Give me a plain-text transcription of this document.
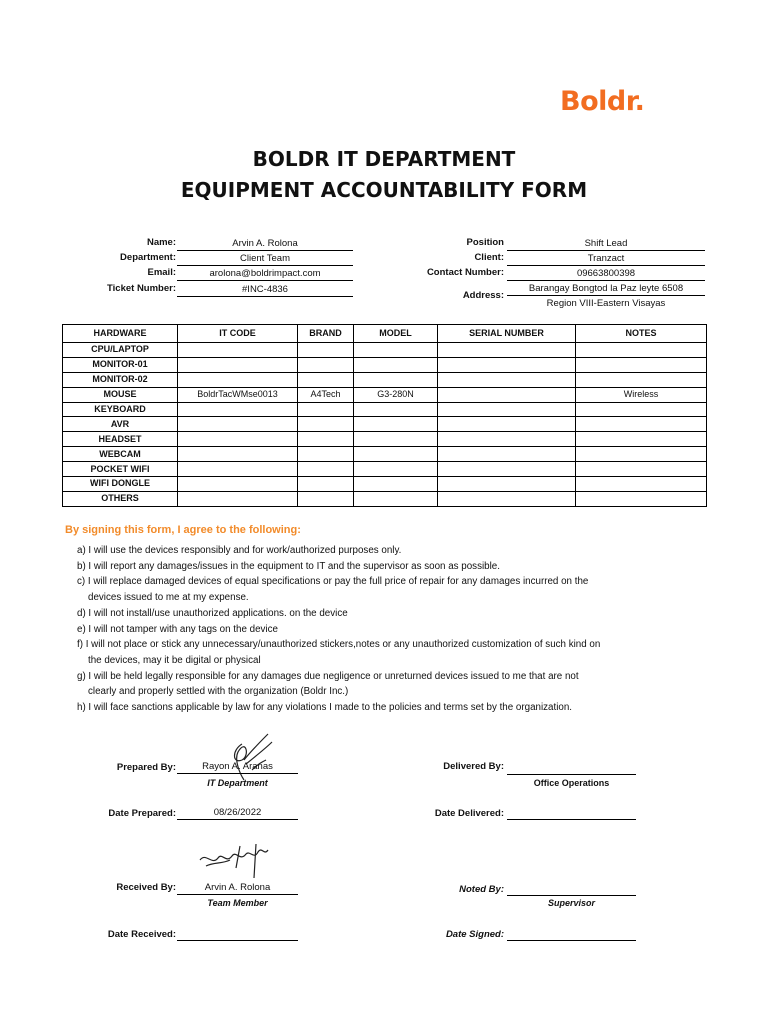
Boldr.
BOLDR IT DEPARTMENT
EQUIPMENT ACCOUNTABILITY FORM
Name:	Arvin A. Rolona
Department:	Client Team
Email:	arolona@boldrimpact.com
Ticket Number:	#INC-4836
Position	Shift Lead
Client:	Tranzact
Contact Number:	09663800398
Address:
Barangay Bongtod la Paz leyte 6508
Region VIII-Eastern Visayas
HARDWARE	IT CODE	BRAND	MODEL	SERIAL NUMBER	NOTES
CPU/LAPTOP					
MONITOR-01					
MONITOR-02					
MOUSE	BoldrTacWMse0013	A4Tech	G3-280N		Wireless
KEYBOARD					
AVR					
HEADSET					
WEBCAM					
POCKET WIFI					
WIFI DONGLE					
OTHERS					
By signing this form, I agree to the following:
a) I will use the devices responsibly and for work/authorized purposes only.
b) I will report any damages/issues in the equipment to IT and the supervisor as soon as possible.
c) I will replace damaged devices of equal specifications or pay the full price of repair for any damages incurred on the
devices issued to me at my expense.
d) I will not install/use unauthorized applications. on the device
e) I will not tamper with any tags on the device
f) I will not place or stick any unnecessary/unauthorized stickers,notes or any unauthorized customization of such kind on
the devices, may it be digital or physical
g) I will be held legally responsible for any damages due negligence or unreturned devices issued to me that are not
clearly and properly settled with the organization (Boldr Inc.)
h) I will face sanctions applicable by law for any violations I made to the policies and terms set by the organization.
Prepared By:	Rayon A. Aranas
IT Department
Delivered By:
Office Operations
Date Prepared:	08/26/2022	Date Delivered:
Received By:	Arvin A. Rolona
Team Member
Noted By:
Supervisor
Date Received:	Date Signed:
